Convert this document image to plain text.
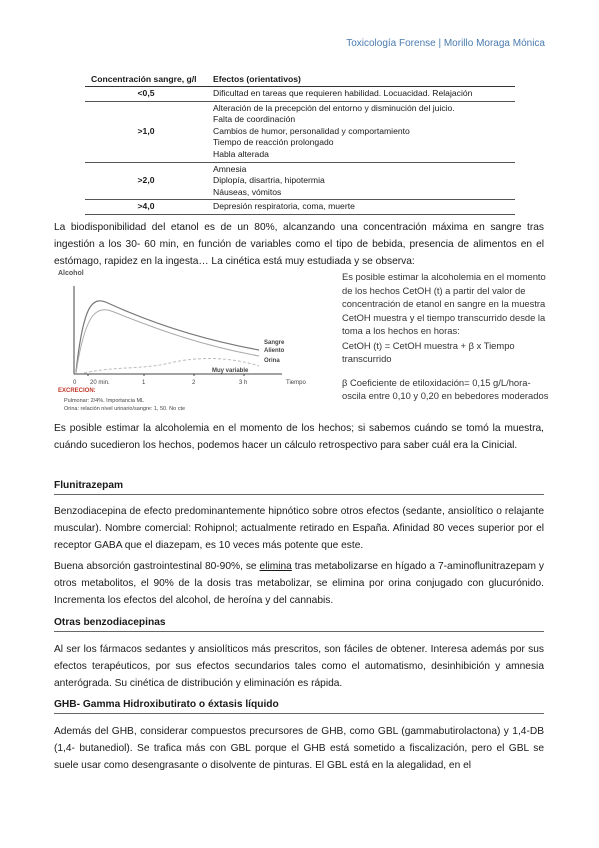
Toxicología Forense | Morillo Moraga Mónica
Concentración sangre, g/l	Efectos (orientativos)
<0,5	Dificultad en tareas que requieren habilidad. Locuacidad. Relajación

>1,0	Alteración de la precepción del entorno y disminución del juicio.
Falta de coordinación
Cambios de humor, personalidad y comportamiento
Tiempo de reacción prolongado
Habla alterada

>2,0	Amnesia
Diplopía, disartria, hipotermia
Náuseas, vómitos

>4,0	Depresión respiratoria, coma, muerte
La biodisponibilidad del etanol es de un 80%, alcanzando una concentración máxima en sangre tras ingestión a los 30- 60 min, en función de variables como el tipo de bebida, presencia de alimentos en el estómago, rapidez en la ingesta… La cinética está muy estudiada y se observa:
Alcohol
0 20 min.	1	2	3 h	Tiempo
Sangre
Aliento
Orina
Muy variable
EXCRECION:
Pulmonar: 2/4%. Importancia ML
Orina: relación nivel urinario/sangre: 1, 50. No cte
Es posible estimar la alcoholemia en el momento de los hechos CetOH (t) a partir del valor de concentración de etanol en sangre en la muestra CetOH muestra y el tiempo transcurrido desde la toma a los hechos en horas:
CetOH (t) = CetOH muestra + β x Tiempo transcurrido
β Coeficiente de etiloxidación= 0,15 g/L/hora- oscila entre 0,10 y 0,20 en bebedores moderados
Es posible estimar la alcoholemia en el momento de los hechos; si sabemos cuándo se tomó la muestra, cuándo sucedieron los hechos, podemos hacer un cálculo retrospectivo para saber cuál era la Cinicial.
Flunitrazepam
Benzodiacepina de efecto predominantemente hipnótico sobre otros efectos (sedante, ansiolítico o relajante muscular). Nombre comercial: Rohipnol; actualmente retirado en España. Afinidad 80 veces superior por el receptor GABA que el diazepam, es 10 veces más potente que este.
Buena absorción gastrointestinal 80-90%, se elimina tras metabolizarse en hígado a 7-aminoflunitrazepam y otros metabolitos, el 90% de la dosis tras metabolizar, se elimina por orina conjugado con glucurónido. Incrementa los efectos del alcohol, de heroína y del cannabis.
Otras benzodiacepinas
Al ser los fármacos sedantes y ansiolíticos más prescritos, son fáciles de obtener. Interesa además por sus efectos terapéuticos, por sus efectos secundarios tales como el automatismo, desinhibición y amnesia anterógrada. Su cinética de distribución y eliminación es rápida.
GHB- Gamma Hidroxibutirato o éxtasis líquido
Además del GHB, considerar compuestos precursores de GHB, como GBL (gammabutirolactona) y 1,4-DB (1,4- butanediol). Se trafica más con GBL porque el GHB está sometido a fiscalización, pero el GBL se suele usar como desengrasante o disolvente de pinturas. El GBL está en la alegalidad, en el
